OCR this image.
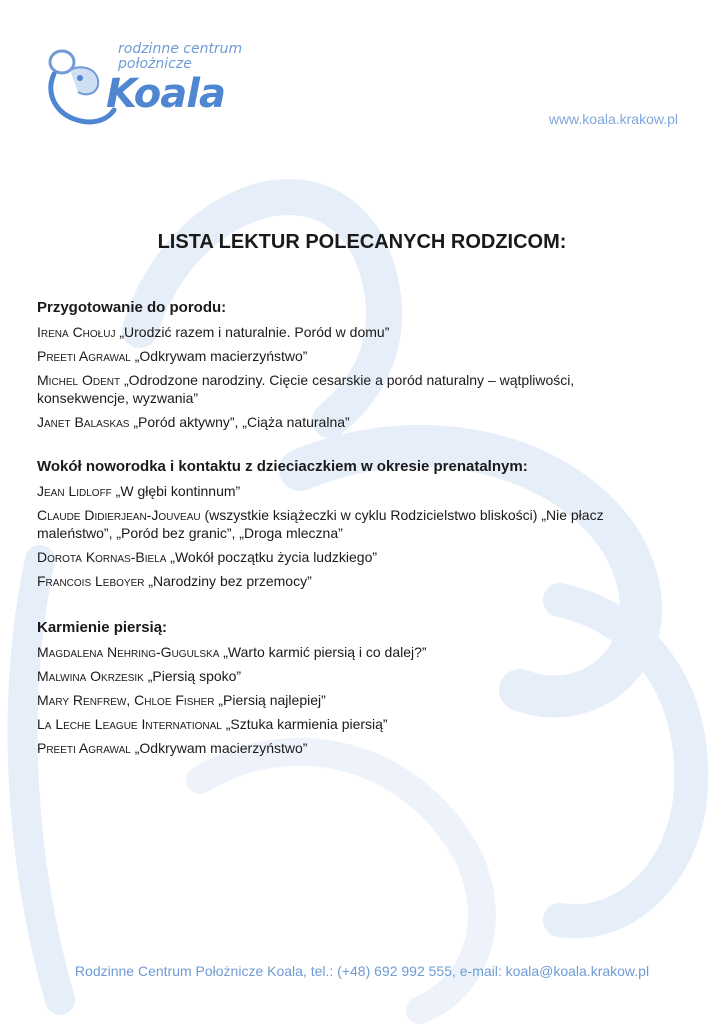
rodzinne centrum
położnicze
Koala
www.koala.krakow.pl
LISTA LEKTUR POLECANYCH RODZICOM:
Przygotowanie do porodu:
Irena Chołuj „Urodzić razem i naturalnie. Poród w domu”
Preeti Agrawal „Odkrywam macierzyństwo”
Michel Odent „Odrodzone narodziny. Cięcie cesarskie a poród naturalny – wątpliwości, konsekwencje, wyzwania”
Janet Balaskas „Poród aktywny”, „Ciąża naturalna”
Wokół noworodka i kontaktu z dzieciaczkiem w okresie prenatalnym:
Jean Lidloff „W głębi kontinnum”
Claude Didierjean-Jouveau (wszystkie książeczki w cyklu Rodzicielstwo bliskości) „Nie płacz maleństwo”, „Poród bez granic”, „Droga mleczna”
Dorota Kornas-Biela „Wokół początku życia ludzkiego”
Francois Leboyer „Narodziny bez przemocy”
Karmienie piersią:
Magdalena Nehring-Gugulska „Warto karmić piersią i co dalej?”
Malwina Okrzesik „Piersią spoko”
Mary Renfrew, Chloe Fisher „Piersią najlepiej”
La Leche League International „Sztuka karmienia piersią”
Preeti Agrawal „Odkrywam macierzyństwo”
Rodzinne Centrum Położnicze Koala, tel.: (+48) 692 992 555, e-mail: koala@koala.krakow.pl
